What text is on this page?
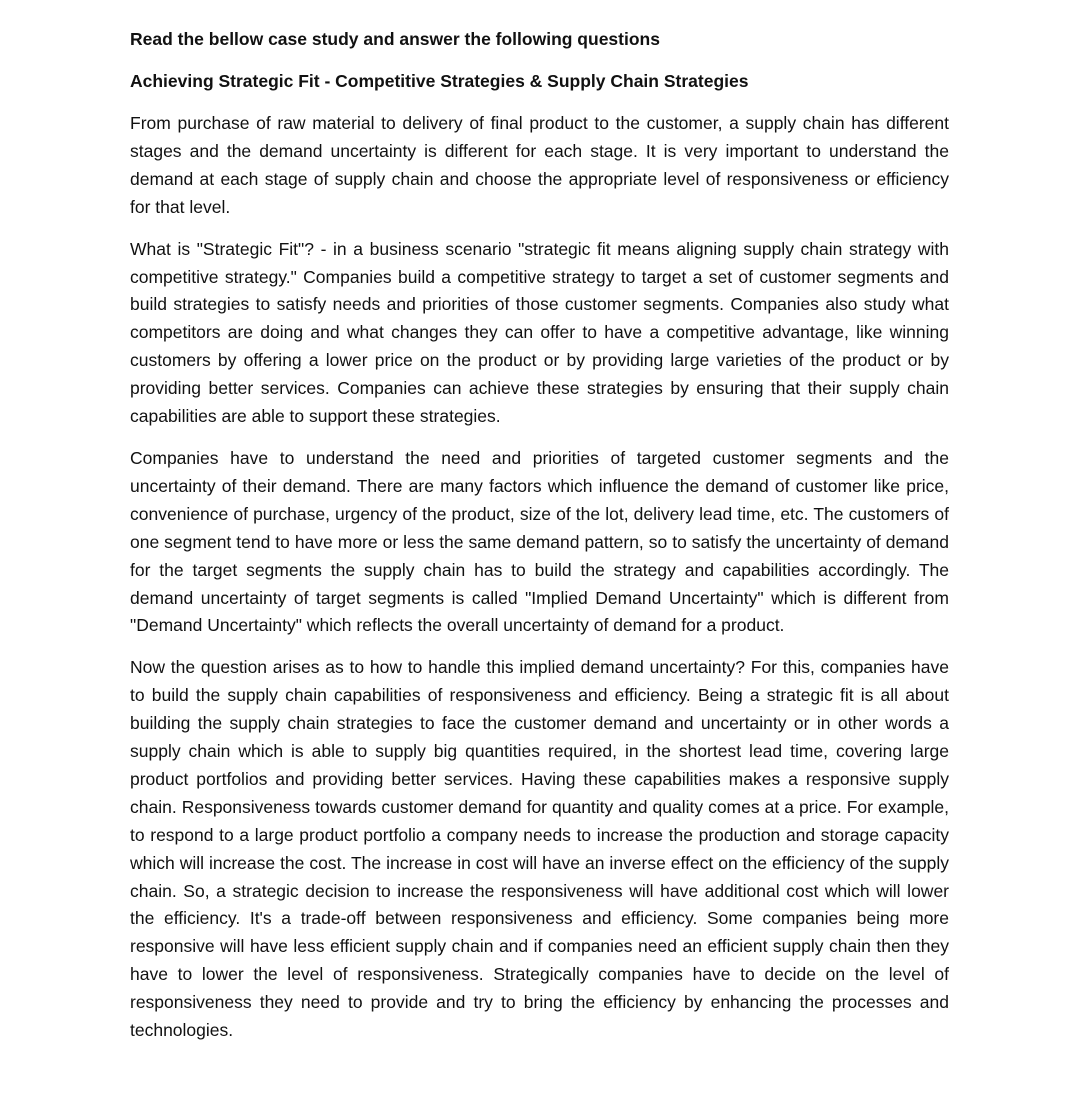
Read the bellow case study and answer the following questions
Achieving Strategic Fit - Competitive Strategies & Supply Chain Strategies

From purchase of raw material to delivery of final product to the customer, a supply chain has different stages and the demand uncertainty is different for each stage. It is very important to understand the demand at each stage of supply chain and choose the appropriate level of responsiveness or efficiency for that level.

What is "Strategic Fit"? - in a business scenario "strategic fit means aligning supply chain strategy with competitive strategy." Companies build a competitive strategy to target a set of customer segments and build strategies to satisfy needs and priorities of those customer segments. Companies also study what competitors are doing and what changes they can offer to have a competitive advantage, like winning customers by offering a lower price on the product or by providing large varieties of the product or by providing better services. Companies can achieve these strategies by ensuring that their supply chain capabilities are able to support these strategies.

Companies have to understand the need and priorities of targeted customer segments and the uncertainty of their demand. There are many factors which influence the demand of customer like price, convenience of purchase, urgency of the product, size of the lot, delivery lead time, etc. The customers of one segment tend to have more or less the same demand pattern, so to satisfy the uncertainty of demand for the target segments the supply chain has to build the strategy and capabilities accordingly. The demand uncertainty of target segments is called "Implied Demand Uncertainty" which is different from "Demand Uncertainty" which reflects the overall uncertainty of demand for a product.

Now the question arises as to how to handle this implied demand uncertainty? For this, companies have to build the supply chain capabilities of responsiveness and efficiency. Being a strategic fit is all about building the supply chain strategies to face the customer demand and uncertainty or in other words a supply chain which is able to supply big quantities required, in the shortest lead time, covering large product portfolios and providing better services. Having these capabilities makes a responsive supply chain. Responsiveness towards customer demand for quantity and quality comes at a price. For example, to respond to a large product portfolio a company needs to increase the production and storage capacity which will increase the cost. The increase in cost will have an inverse effect on the efficiency of the supply chain. So, a strategic decision to increase the responsiveness will have additional cost which will lower the efficiency. It's a trade-off between responsiveness and efficiency. Some companies being more responsive will have less efficient supply chain and if companies need an efficient supply chain then they have to lower the level of responsiveness. Strategically companies have to decide on the level of responsiveness they need to provide and try to bring the efficiency by enhancing the processes and technologies.
